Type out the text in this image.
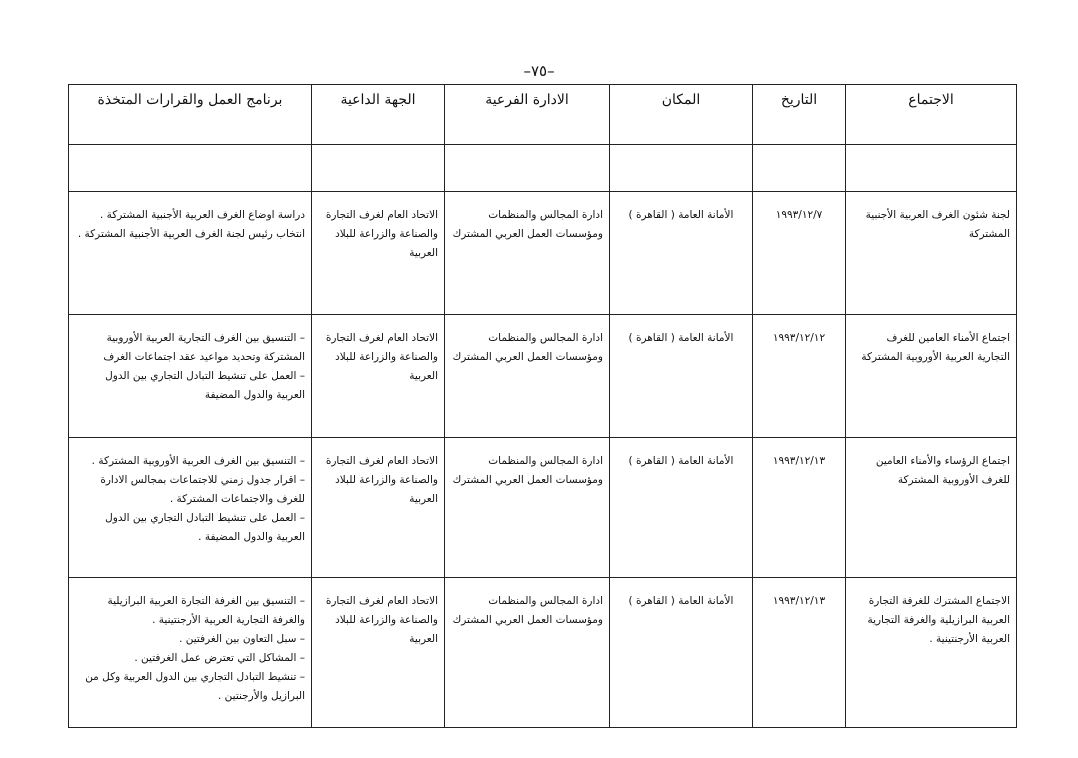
–٧٥–
الاجتماع	التاريخ	المكان	الادارة الفرعية	الجهة الداعية	برنامج العمل والقرارات المتخذة

لجنة شئون الغرف العربية الأجنبية المشتركة	١٩٩٣/١٢/٧	الأمانة العامة ( القاهرة )	ادارة المجالس والمنظمات ومؤسسات العمل العربي المشترك	الاتحاد العام لغرف التجارة والصناعة والزراعة للبلاد العربية	دراسة اوضاع الغرف العربية الأجنبية المشتركة .
انتخاب رئيس لجنة الغرف العربية الأجنبية المشتركة .

اجتماع الأمناء العامين للغرف التجارية العربية الأوروبية المشتركة	١٩٩٣/١٢/١٢	الأمانة العامة ( القاهرة )	ادارة المجالس والمنظمات ومؤسسات العمل العربي المشترك	الاتحاد العام لغرف التجارة والصناعة والزراعة للبلاد العربية	– التنسيق بين الغرف التجارية العربية الأوروبية المشتركة وتحديد مواعيد عقد اجتماعات الغرف
– العمل على تنشيط التبادل التجاري بين الدول العربية والدول المضيفة

اجتماع الرؤساء والأمناء العامين للغرف الأوروبية المشتركة	١٩٩٣/١٢/١٣	الأمانة العامة ( القاهرة )	ادارة المجالس والمنظمات ومؤسسات العمل العربي المشترك	الاتحاد العام لغرف التجارة والصناعة والزراعة للبلاد العربية	– التنسيق بين الغرف العربية الأوروبية المشتركة .
– اقرار جدول زمني للاجتماعات بمجالس الادارة للغرف والاجتماعات المشتركة .
– العمل على تنشيط التبادل التجاري بين الدول العربية والدول المضيفة .

الاجتماع المشترك للغرفة التجارة العربية البرازيلية والغرفة التجارية العربية الأرجنتينية .	١٩٩٣/١٢/١٣	الأمانة العامة ( القاهرة )	ادارة المجالس والمنظمات ومؤسسات العمل العربي المشترك	الاتحاد العام لغرف التجارة والصناعة والزراعة للبلاد العربية	– التنسيق بين الغرفة التجارة العربية البرازيلية والغرفة التجارية العربية الأرجنتينية .
– سبل التعاون بين الغرفتين .
– المشاكل التي تعترض عمل الغرفتين .
– تنشيط التبادل التجاري بين الدول العربية وكل من البرازيل والأرجنتين .
